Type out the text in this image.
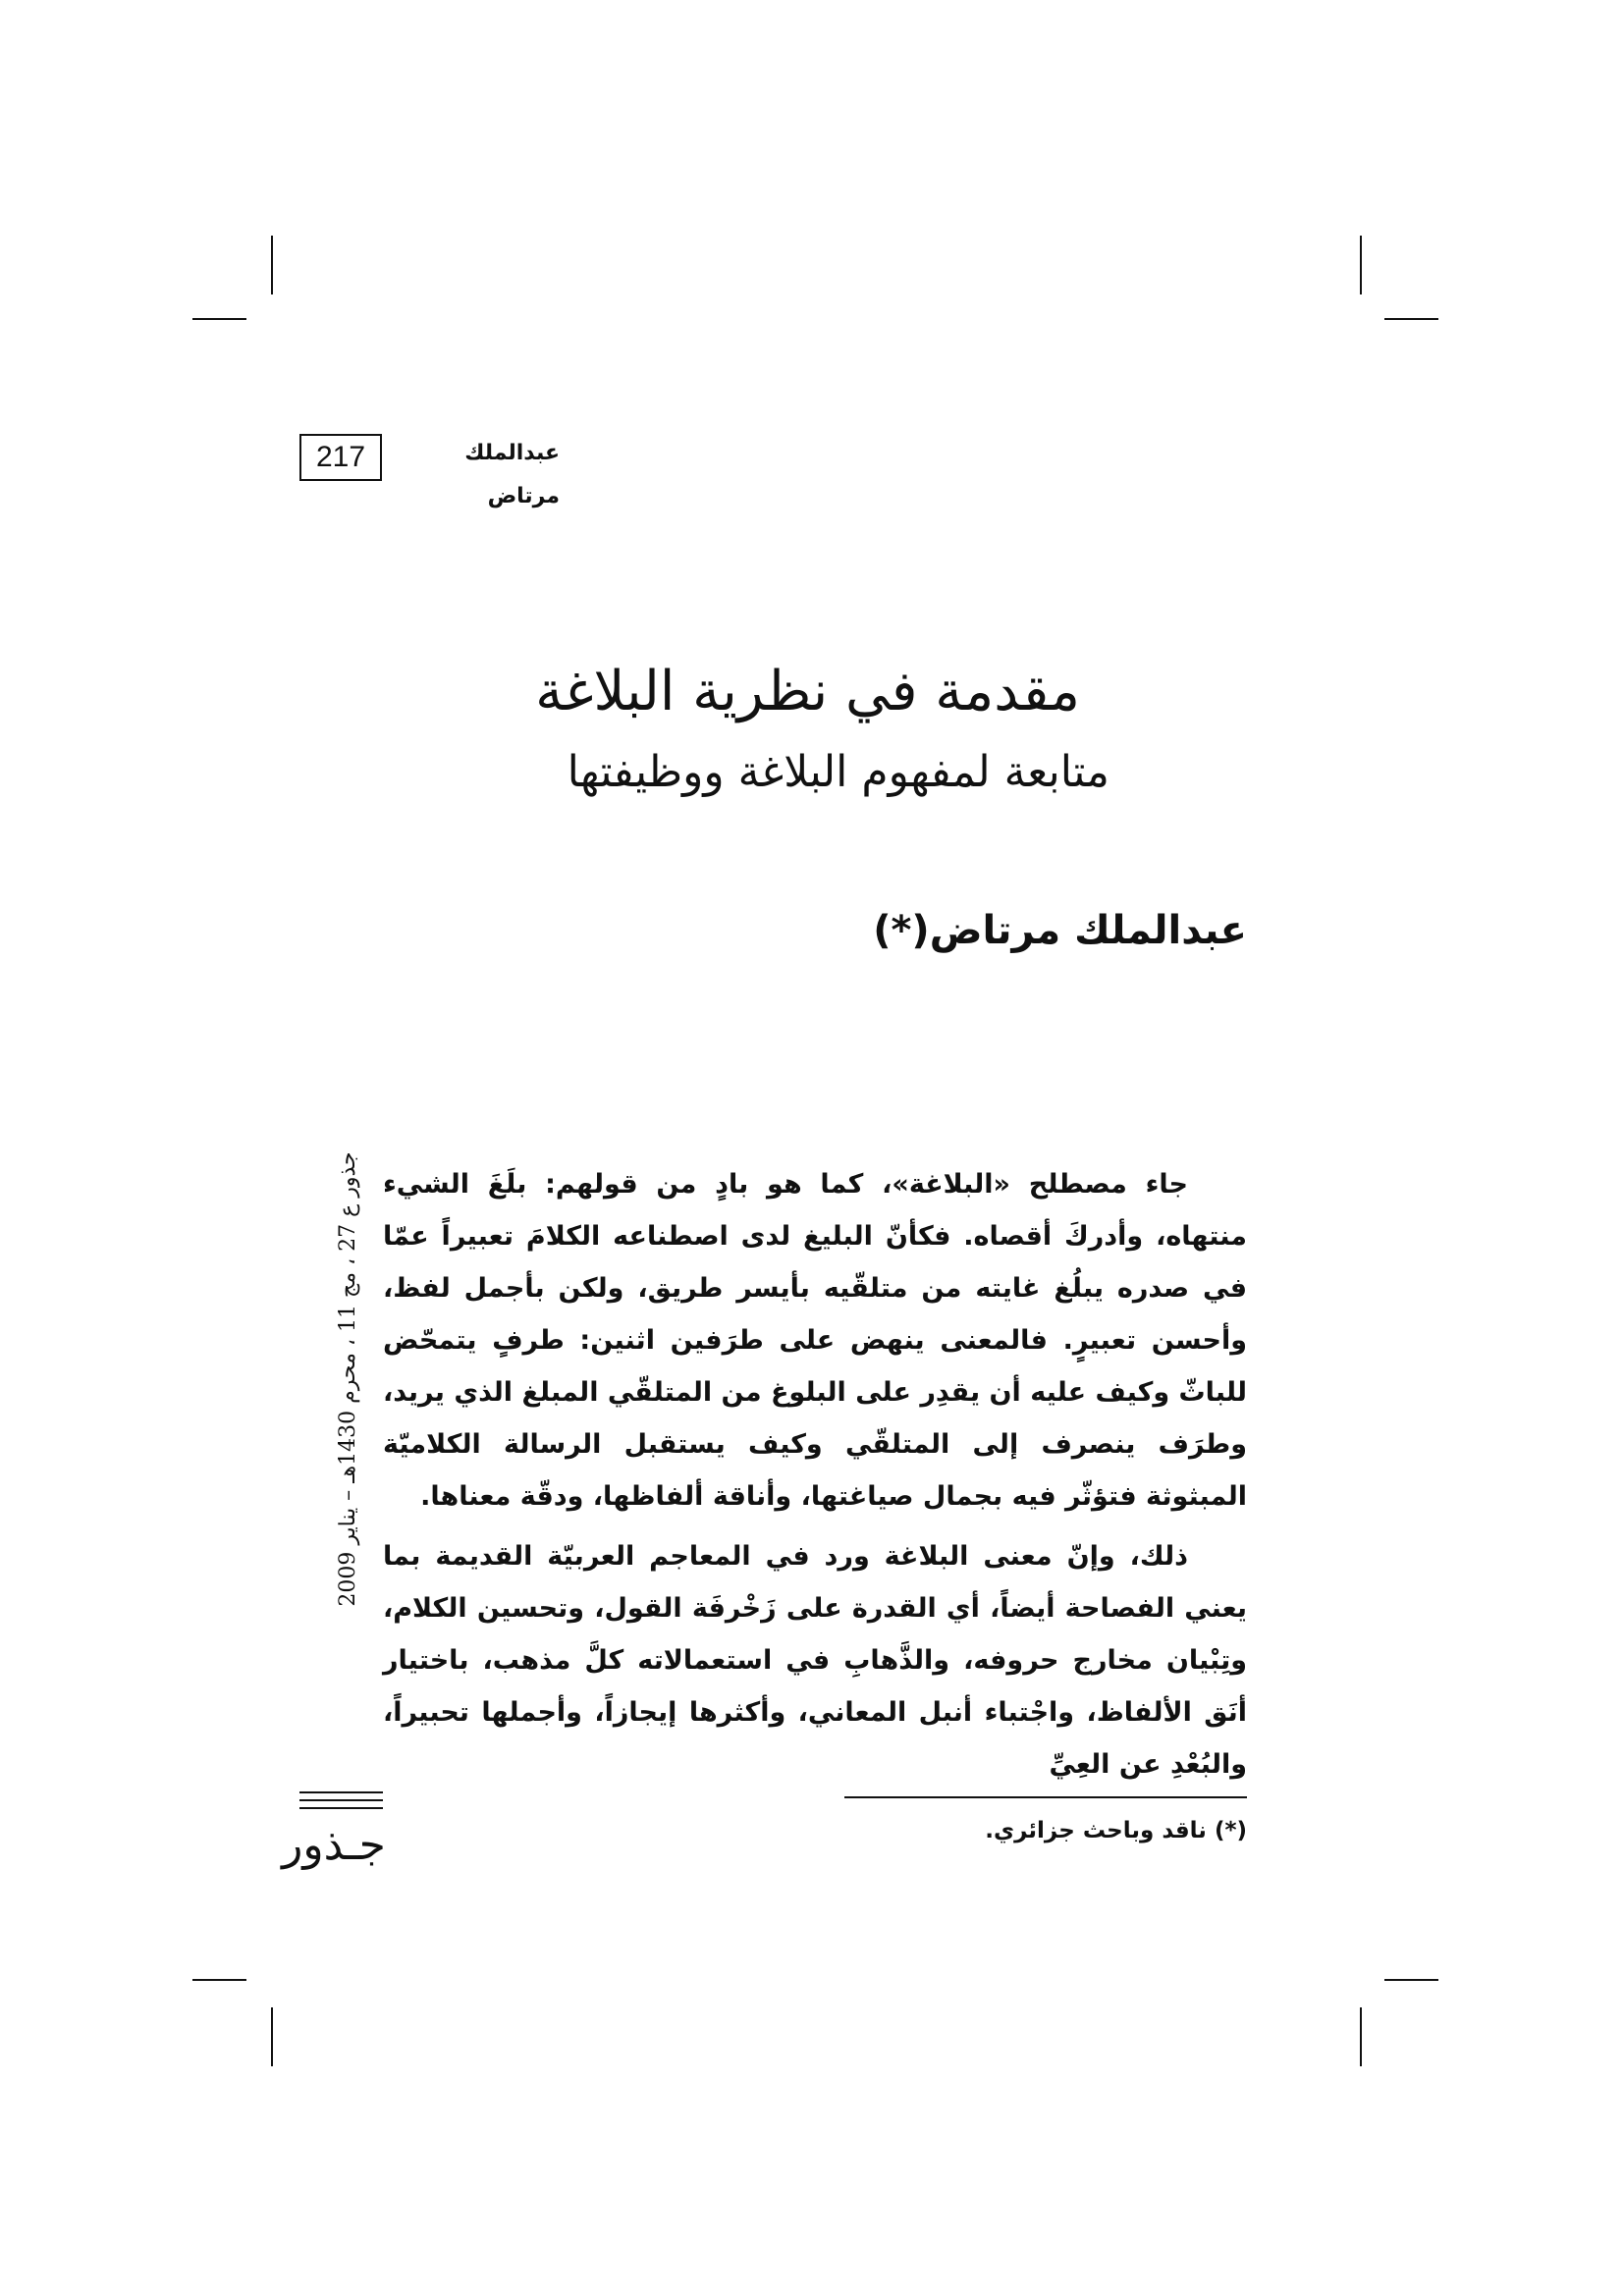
217	عبدالملك مرتاض
مقدمة في نظرية البلاغة
متابعة لمفهوم البلاغة ووظيفتها
عبدالملك مرتاض(*)

جاء مصطلح «البلاغة»، كما هو بادٍ من قولهم: بلَغَ الشيء منتهاه، وأدركَ أقصاه. فكأنّ البليغ لدى اصطناعه الكلامَ تعبيراً عمّا في صدره يبلُغ غايته من متلقّيه بأيسر طريق، ولكن بأجمل لفظ، وأحسن تعبيرٍ. فالمعنى ينهض على طرَفين اثنين: طرفٍ يتمحّض للباثّ وكيف عليه أن يقدِر على البلوغ من المتلقّي المبلغ الذي يريد، وطرَف ينصرف إلى المتلقّي وكيف يستقبل الرسالة الكلاميّة المبثوثة فتؤثّر فيه بجمال صياغتها، وأناقة ألفاظها، ودقّة معناها.

ذلك، وإنّ معنى البلاغة ورد في المعاجم العربيّة القديمة بما يعني الفصاحة أيضاً، أي القدرة على زَخْرفَة القول، وتحسين الكلام، وتِبْيان مخارج حروفه، والذَّهابِ في استعمالاته كلَّ مذهب، باختيار أنَق الألفاظ، واجْتباء أنبل المعاني، وأكثرها إيجازاً، وأجملها تحبيراً، والبُعْدِ عن العِيِّ

(*) ناقد وباحث جزائري.
جذور ع 27 ، مج 11 ، محرم 1430هـ – يناير 2009
جـذور
